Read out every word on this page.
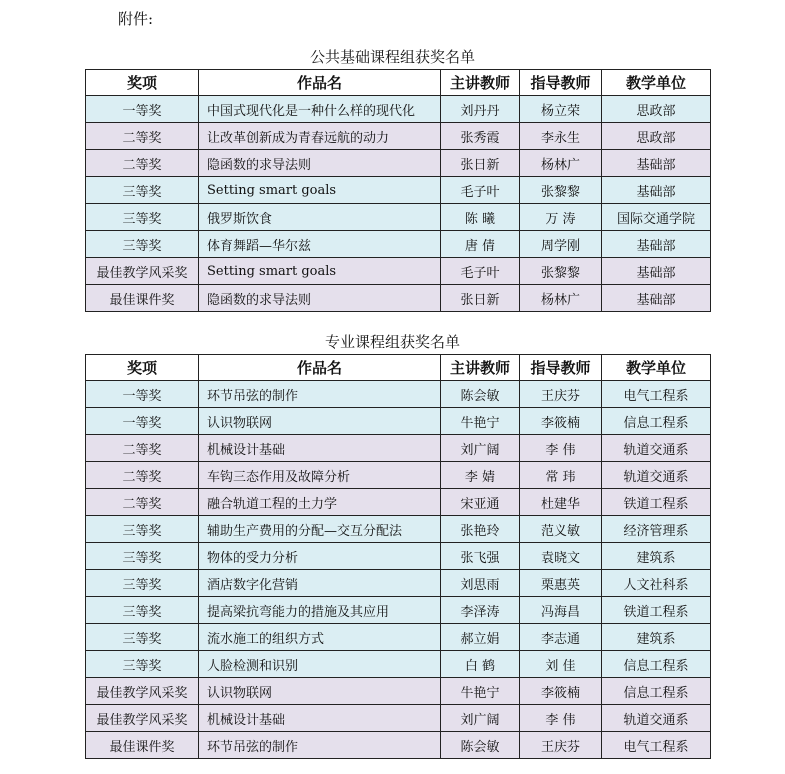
附件:
公共基础课程组获奖名单
奖项	作品名	主讲教师	指导教师	教学单位
一等奖	中国式现代化是一种什么样的现代化	刘丹丹	杨立荣	思政部
二等奖	让改革创新成为青春远航的动力	张秀霞	李永生	思政部
二等奖	隐函数的求导法则	张日新	杨林广	基础部
三等奖	Setting smart goals	毛子叶	张黎黎	基础部
三等奖	俄罗斯饮食	陈 曦	万 涛	国际交通学院
三等奖	体育舞蹈—华尔兹	唐 倩	周学刚	基础部
最佳教学风采奖	Setting smart goals	毛子叶	张黎黎	基础部
最佳课件奖	隐函数的求导法则	张日新	杨林广	基础部
专业课程组获奖名单
奖项	作品名	主讲教师	指导教师	教学单位
一等奖	环节吊弦的制作	陈会敏	王庆芬	电气工程系
一等奖	认识物联网	牛艳宁	李筱楠	信息工程系
二等奖	机械设计基础	刘广阔	李 伟	轨道交通系
二等奖	车钩三态作用及故障分析	李 婧	常 玮	轨道交通系
二等奖	融合轨道工程的土力学	宋亚通	杜建华	铁道工程系
三等奖	辅助生产费用的分配—交互分配法	张艳玲	范义敏	经济管理系
三等奖	物体的受力分析	张飞强	袁晓文	建筑系
三等奖	酒店数字化营销	刘思雨	栗惠英	人文社科系
三等奖	提高梁抗弯能力的措施及其应用	李泽涛	冯海昌	铁道工程系
三等奖	流水施工的组织方式	郝立娟	李志通	建筑系
三等奖	人脸检测和识别	白 鹤	刘 佳	信息工程系
最佳教学风采奖	认识物联网	牛艳宁	李筱楠	信息工程系
最佳教学风采奖	机械设计基础	刘广阔	李 伟	轨道交通系
最佳课件奖	环节吊弦的制作	陈会敏	王庆芬	电气工程系
